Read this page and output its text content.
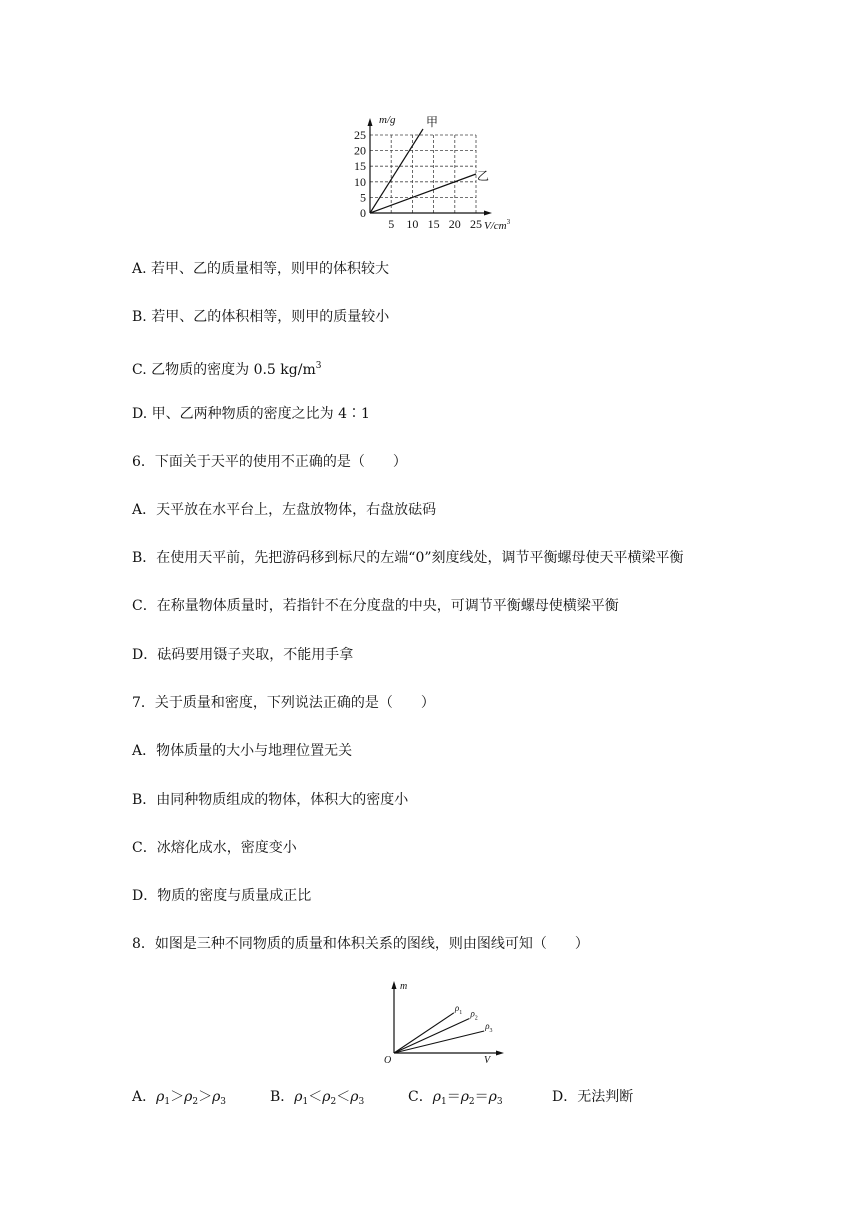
0
5
10
15
20
25
5 10 15 20 25
m/g	甲
乙
$V/cm^3$
A. 若甲、乙的质量相等，则甲的体积较大
B. 若甲、乙的体积相等，则甲的质量较小
C. 乙物质的密度为 0.5 $kg/m^3$
D. 甲、乙两种物质的密度之比为 4∶1
6．下面关于天平的使用不正确的是（　　）
A．天平放在水平台上，左盘放物体，右盘放砝码
B．在使用天平前，先把游码移到标尺的左端“0”刻度线处，调节平衡螺母使天平横梁平衡
C．在称量物体质量时，若指针不在分度盘的中央，可调节平衡螺母使横梁平衡
D．砝码要用镊子夹取，不能用手拿
7．关于质量和密度，下列说法正确的是（　　）
A．物体质量的大小与地理位置无关
B．由同种物质组成的物体，体积大的密度小
C．冰熔化成水，密度变小
D．物质的密度与质量成正比
8．如图是三种不同物质的质量和体积关系的图线，则由图线可知（　　）
m
V
O
$\rho_1$ $\rho_2$
$\rho_3$
A．$\rho_1>\rho_2>\rho_3$	B．$\rho_1<\rho_2<\rho_3$	C．$\rho_1=\rho_2=\rho_3$	D．无法判断
